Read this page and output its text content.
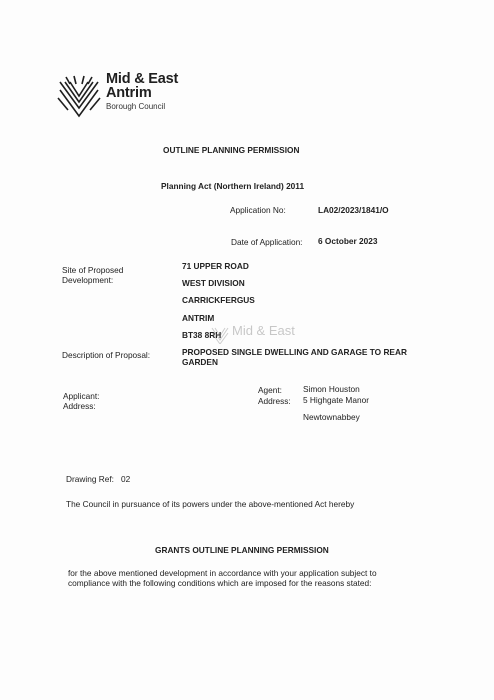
Mid & East
Antrim
Borough Council
OUTLINE PLANNING PERMISSION
Planning Act (Northern Ireland) 2011
Application No:	LA02/2023/1841/O
Date of Application: 6 October 2023
Site of Proposed
Development:
71 UPPER ROAD
WEST DIVISION
CARRICKFERGUS
ANTRIM
BT38 8RH Mid & East
Description of Proposal:	PROPOSED SINGLE DWELLING AND GARAGE TO REAR
GARDEN
Applicant:
Address:
Agent:
Address:
Simon Houston
5 Highgate Manor
Newtownabbey
Drawing Ref: 02
The Council in pursuance of its powers under the above-mentioned Act hereby
GRANTS OUTLINE PLANNING PERMISSION
for the above mentioned development in accordance with your application subject to
compliance with the following conditions which are imposed for the reasons stated:
